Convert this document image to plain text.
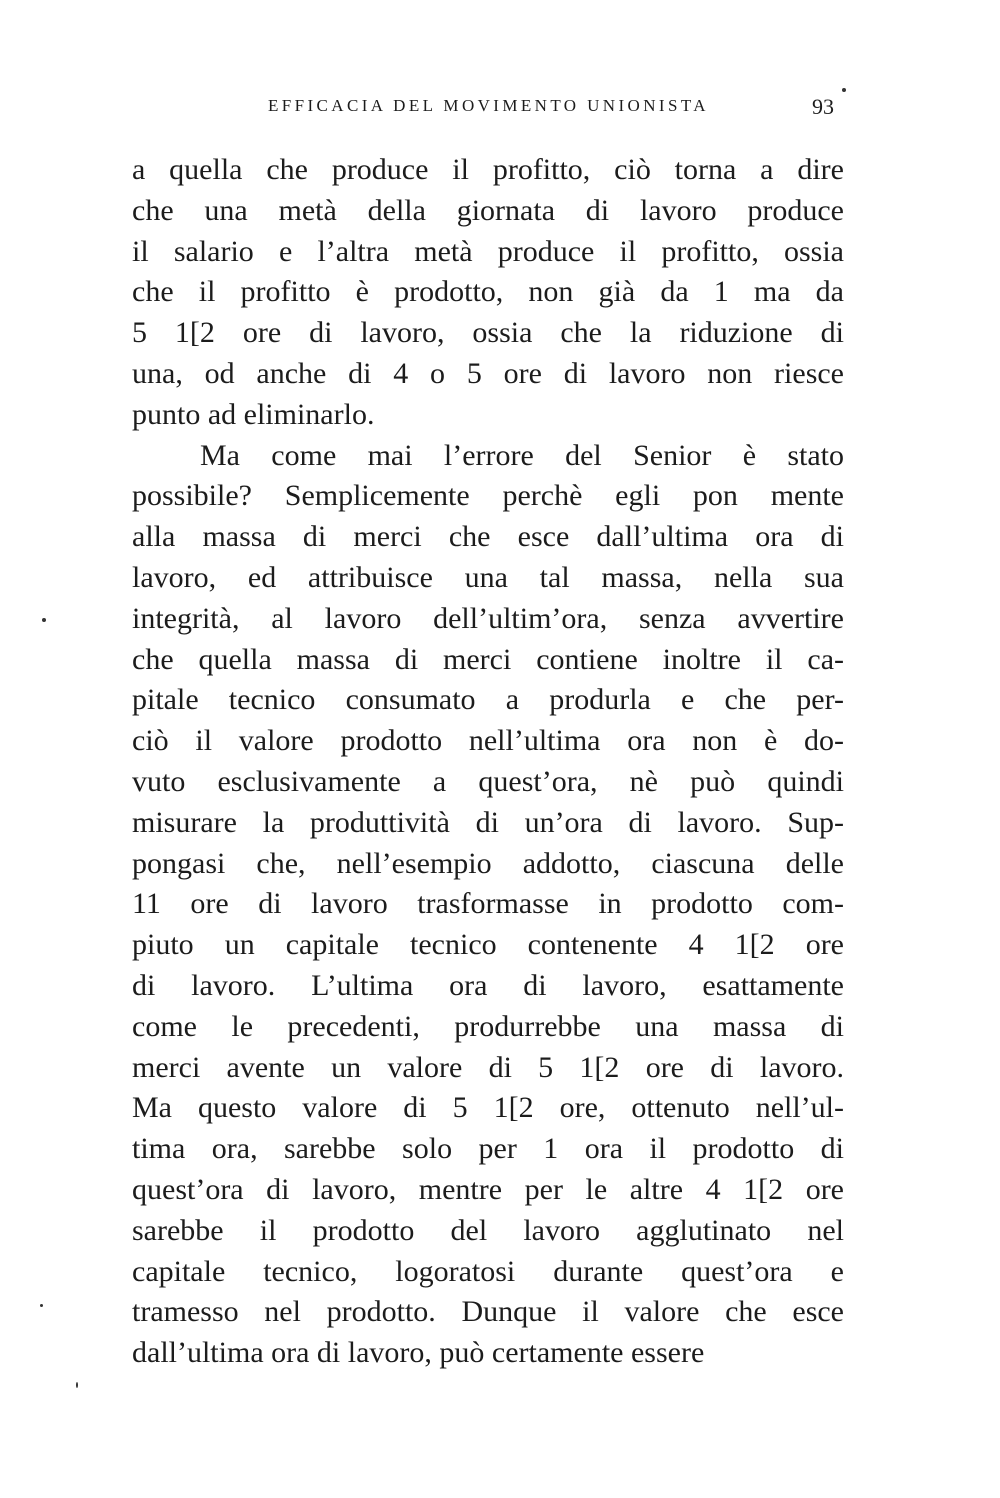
EFFICACIA DEL MOVIMENTO UNIONISTA	93
a quella che produce il profitto, ciò torna a dire
che una metà della giornata di lavoro produce
il salario e l’altra metà produce il profitto, ossia
che il profitto è prodotto, non già da 1 ma da
5 1[2 ore di lavoro, ossia che la riduzione di
una, od anche di 4 o 5 ore di lavoro non riesce
punto ad eliminarlo.
Ma come mai l’errore del Senior è stato
possibile? Semplicemente perchè egli pon mente
alla massa di merci che esce dall’ultima ora di
lavoro, ed attribuisce una tal massa, nella sua
integrità, al lavoro dell’ultim’ora, senza avvertire
che quella massa di merci contiene inoltre il ca-
pitale tecnico consumato a produrla e che per-
ciò il valore prodotto nell’ultima ora non è do-
vuto esclusivamente a quest’ora, nè può quindi
misurare la produttività di un’ora di lavoro. Sup-
pongasi che, nell’esempio addotto, ciascuna delle
11 ore di lavoro trasformasse in prodotto com-
piuto un capitale tecnico contenente 4 1[2 ore
di lavoro. L’ultima ora di lavoro, esattamente
come le precedenti, produrrebbe una massa di
merci avente un valore di 5 1[2 ore di lavoro.
Ma questo valore di 5 1[2 ore, ottenuto nell’ul-
tima ora, sarebbe solo per 1 ora il prodotto di
quest’ora di lavoro, mentre per le altre 4 1[2 ore
sarebbe il prodotto del lavoro agglutinato nel
capitale tecnico, logoratosi durante quest’ora e
tramesso nel prodotto. Dunque il valore che esce
dall’ultima ora di lavoro, può certamente essere
